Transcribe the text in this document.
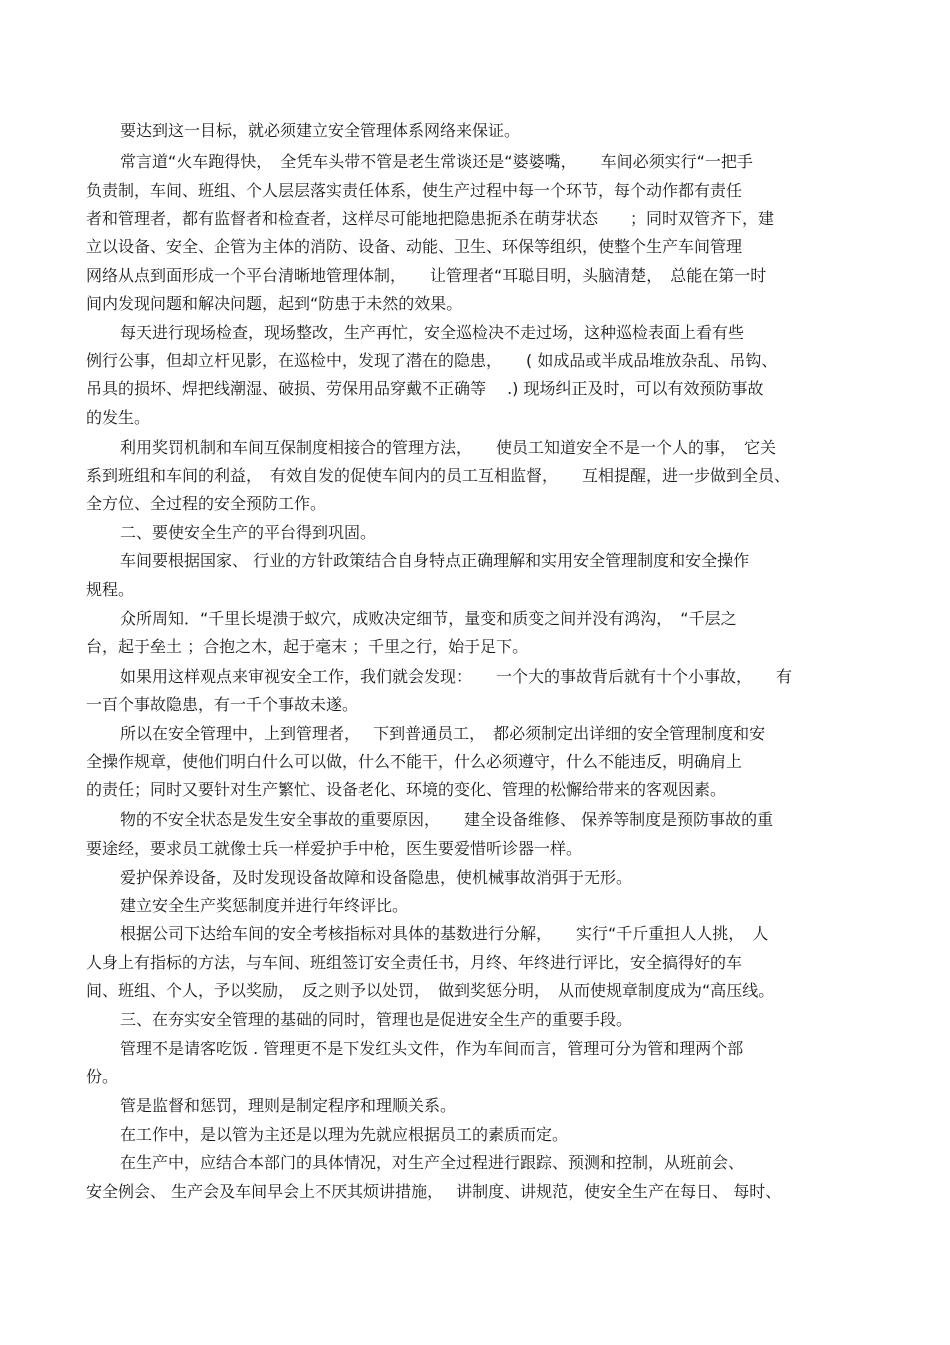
要达到这一目标，就必须建立安全管理体系网络来保证。

常言道“火车跑得快，　全凭车头带不管是老生常谈还是“婆婆嘴，　　车间必须实行“一把手

负责制，车间、班组、个人层层落实责任体系，使生产过程中每一个环节，每个动作都有责任

者和管理者，都有监督者和检查者，这样尽可能地把隐患扼杀在萌芽状态　　；同时双管齐下，建

立以设备、安全、企管为主体的消防、设备、动能、卫生、环保等组织，使整个生产车间管理

网络从点到面形成一个平台清晰地管理体制，　　让管理者“耳聪目明，头脑清楚，　总能在第一时

间内发现问题和解决问题，起到“防患于未然的效果。

每天进行现场检查，现场整改，生产再忙，安全巡检决不走过场，这种巡检表面上看有些

例行公事，但却立杆见影，在巡检中，发现了潜在的隐患，　　( 如成品或半成品堆放杂乱、吊钩、

吊具的损坏、焊把线潮湿、破损、劳保用品穿戴不正确等　 .) 现场纠正及时，可以有效预防事故

的发生。

利用奖罚机制和车间互保制度相接合的管理方法，　　使员工知道安全不是一个人的事，　它关

系到班组和车间的利益，　有效自发的促使车间内的员工互相监督，　　互相提醒，进一步做到全员、

全方位、全过程的安全预防工作。

二、要使安全生产的平台得到巩固。

车间要根据国家、 行业的方针政策结合自身特点正确理解和实用安全管理制度和安全操作

规程。

众所周知．“千里长堤溃于蚁穴，成败决定细节，量变和质变之间并没有鸿沟，　“千层之

台，起于垒土 ；合抱之木，起于毫末 ；千里之行，始于足下。

如果用这样观点来审视安全工作，我们就会发现：　　一个大的事故背后就有十个小事故，　　有

一百个事故隐患，有一千个事故未遂。

所以在安全管理中，上到管理者，　 下到普通员工，　都必须制定出详细的安全管理制度和安

全操作规章，使他们明白什么可以做，什么不能干，什么必须遵守，什么不能违反，明确肩上

的责任；同时又要针对生产繁忙、设备老化、环境的变化、管理的松懈给带来的客观因素。

物的不安全状态是发生安全事故的重要原因，　　建全设备维修、 保养等制度是预防事故的重

要途经，要求员工就像士兵一样爱护手中枪，医生要爱惜听诊器一样。

爱护保养设备，及时发现设备故障和设备隐患，使机械事故消弭于无形。

建立安全生产奖惩制度并进行年终评比。

根据公司下达给车间的安全考核指标对具体的基数进行分解，　　实行“千斤重担人人挑，　人

人身上有指标的方法，与车间、班组签订安全责任书，月终、年终进行评比，安全搞得好的车

间、班组、个人，予以奖励，　反之则予以处罚，　做到奖惩分明，　从而使规章制度成为“高压线。

三、在夯实安全管理的基础的同时，管理也是促进安全生产的重要手段。

管理不是请客吃饭 . 管理更不是下发红头文件，作为车间而言，管理可分为管和理两个部

份。

管是监督和惩罚，理则是制定程序和理顺关系。

在工作中，是以管为主还是以理为先就应根据员工的素质而定。

在生产中，应结合本部门的具体情况，对生产全过程进行跟踪、预测和控制，从班前会、

安全例会、 生产会及车间早会上不厌其烦讲措施，　 讲制度、讲规范，使安全生产在每日、 每时、
